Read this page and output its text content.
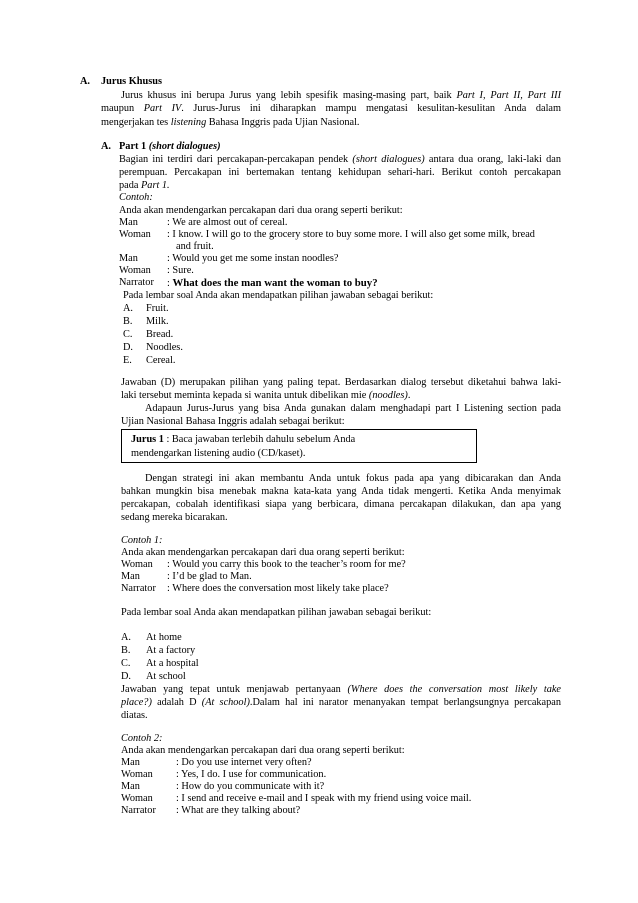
A. Jurus Khusus
Jurus khusus ini berupa Jurus yang lebih spesifik masing-masing part, baik Part I, Part II, Part III
maupun Part IV. Jurus-Jurus ini diharapkan mampu mengatasi kesulitan-kesulitan Anda dalam
mengerjakan tes listening Bahasa Inggris pada Ujian Nasional.
A. Part 1 (short dialogues)
Bagian ini terdiri dari percakapan-percakapan pendek (short dialogues) antara dua orang, laki-laki dan
perempuan. Percakapan ini bertemakan tentang kehidupan sehari-hari. Berikut contoh percakapan
pada Part 1.
Contoh:
Anda akan mendengarkan percakapan dari dua orang seperti berikut:
Man	: We are almost out of cereal.
Woman : I know. I will go to the grocery store to buy some more. I will also get some milk, bread
and fruit.
Man	: Would you get me some instan noodles?
Woman : Sure.
Narrator : What does the man want the woman to buy?
Pada lembar soal Anda akan mendapatkan pilihan jawaban sebagai berikut:
A. Fruit.
B. Milk.
C. Bread.
D. Noodles.
E. Cereal.
Jawaban (D) merupakan pilihan yang paling tepat. Berdasarkan dialog tersebut diketahui bahwa laki-
laki tersebut meminta kepada si wanita untuk dibelikan mie (noodles).
Adapaun Jurus-Jurus yang bisa Anda gunakan dalam menghadapi part I Listening section pada
Ujian Nasional Bahasa Inggris adalah sebagai berikut:
Jurus 1 : Baca jawaban terlebih dahulu sebelum Anda
mendengarkan listening audio (CD/kaset).
Dengan strategi ini akan membantu Anda untuk fokus pada apa yang dibicarakan dan Anda
bahkan mungkin bisa menebak makna kata-kata yang Anda tidak mengerti. Ketika Anda menyimak
percakapan, cobalah identifikasi siapa yang berbicara, dimana percakapan dilakukan, dan apa yang
sedang mereka bicarakan.
Contoh 1:
Anda akan mendengarkan percakapan dari dua orang seperti berikut:
Woman : Would you carry this book to the teacher’s room for me?
Man	: I’d be glad to Man.
Narrator : Where does the conversation most likely take place?
Pada lembar soal Anda akan mendapatkan pilihan jawaban sebagai berikut:
A. At home
B. At a factory
C. At a hospital
D. At school
Jawaban yang tepat untuk menjawab pertanyaan (Where does the conversation most likely take
place?) adalah D (At school).Dalam hal ini narator menanyakan tempat berlangsungnya percakapan
diatas.
Contoh 2:
Anda akan mendengarkan percakapan dari dua orang seperti berikut:
Man	: Do you use internet very often?
Woman : Yes, I do. I use for communication.
Man	: How do you communicate with it?
Woman : I send and receive e-mail and I speak with my friend using voice mail.
Narrator : What are they talking about?
